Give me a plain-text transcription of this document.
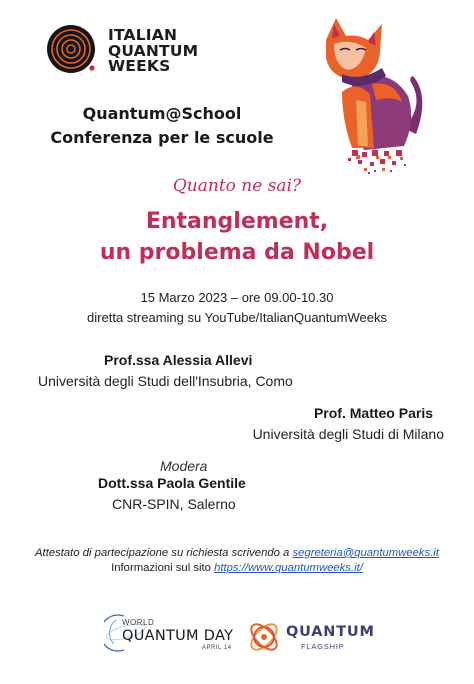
ITALIAN
QUANTUM
WEEKS
Quantum@School
Conferenza per le scuole
Quanto ne sai?
Entanglement,
un problema da Nobel
15 Marzo 2023 – ore 09.00-10.30
diretta streaming su YouTube/ItalianQuantumWeeks
Prof.ssa Alessia Allevi
Università degli Studi dell'Insubria, Como
Prof. Matteo Paris
Università degli Studi di Milano
Modera
Dott.ssa Paola Gentile
CNR-SPIN, Salerno
Attestato di partecipazione su richiesta scrivendo a segreteria@quantumweeks.it
Informazioni sul sito https://www.quantumweeks.it/
WORLD
QUANTUM DAY
APRIL 14
QUANTUM
FLAGSHIP
